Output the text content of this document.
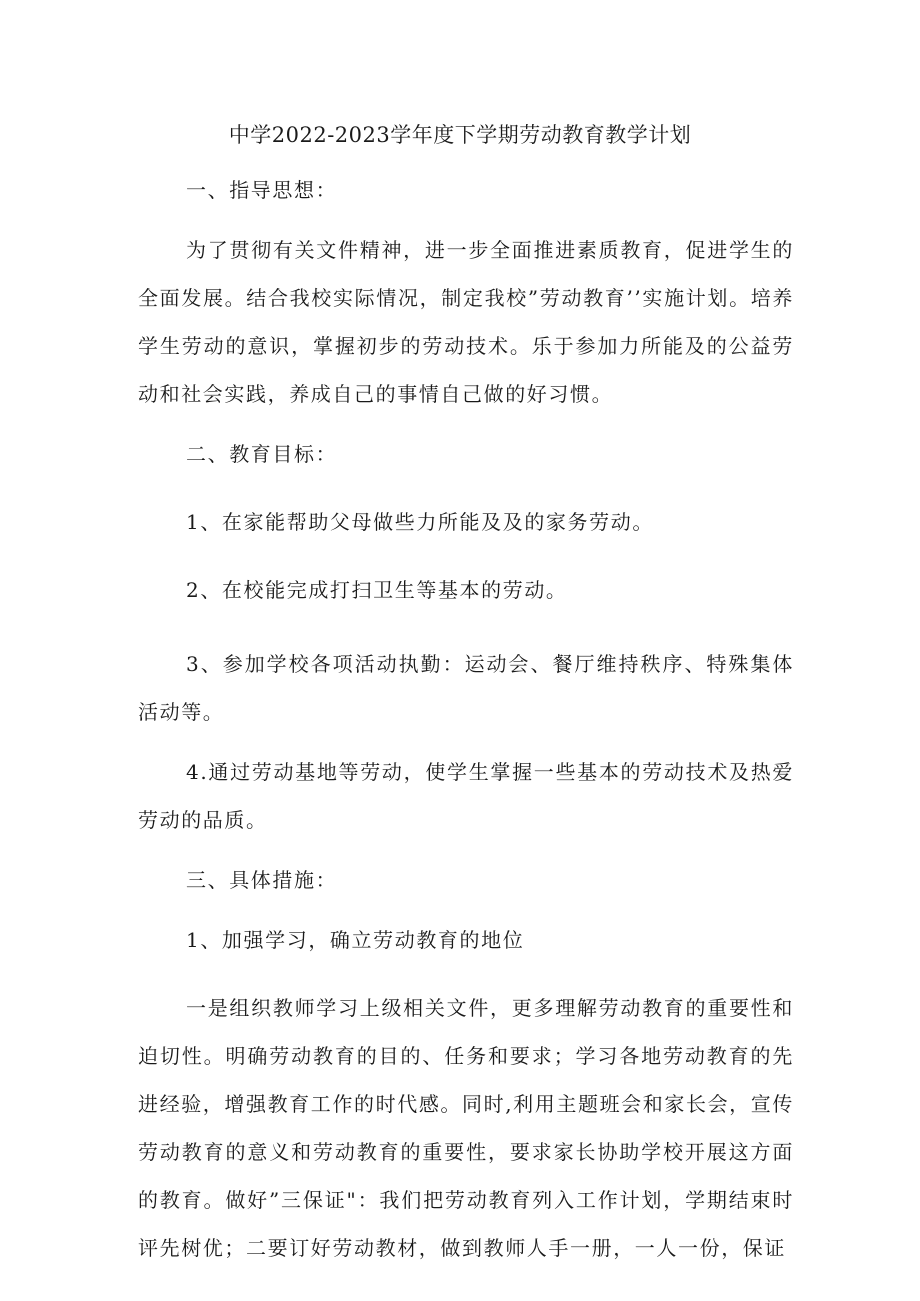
中学2022-2023学年度下学期劳动教育教学计划

一、指导思想：

为了贯彻有关文件精神，进一步全面推进素质教育，促进学生的全面发展。结合我校实际情况，制定我校”劳动教育’’实施计划。培养学生劳动的意识，掌握初步的劳动技术。乐于参加力所能及的公益劳动和社会实践，养成自己的事情自己做的好习惯。

二、教育目标：

1、在家能帮助父母做些力所能及及的家务劳动。

2、在校能完成打扫卫生等基本的劳动。

3、参加学校各项活动执勤：运动会、餐厅维持秩序、特殊集体活动等。

4.通过劳动基地等劳动，使学生掌握一些基本的劳动技术及热爱劳动的品质。

三、具体措施：

1、加强学习，确立劳动教育的地位

一是组织教师学习上级相关文件，更多理解劳动教育的重要性和迫切性。明确劳动教育的目的、任务和要求；学习各地劳动教育的先进经验，增强教育工作的时代感。同时,利用主题班会和家长会，宣传劳动教育的意义和劳动教育的重要性，要求家长协助学校开展这方面的教育。做好”三保证"：我们把劳动教育列入工作计划，学期结束时评先树优；二要订好劳动教材，做到教师人手一册，一人一份，保证
